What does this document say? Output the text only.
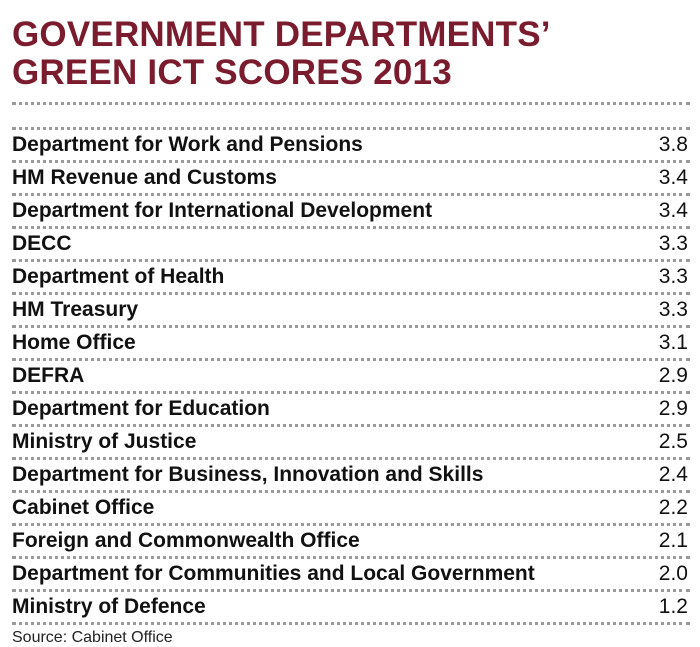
GOVERNMENT DEPARTMENTS’
GREEN ICT SCORES 2013
Department for Work and Pensions	3.8
HM Revenue and Customs	3.4
Department for International Development	3.4
DECC	3.3
Department of Health	3.3
HM Treasury	3.3
Home Office	3.1
DEFRA	2.9
Department for Education	2.9
Ministry of Justice	2.5
Department for Business, Innovation and Skills	2.4
Cabinet Office	2.2
Foreign and Commonwealth Office	2.1
Department for Communities and Local Government	2.0
Ministry of Defence	1.2
Source: Cabinet Office
